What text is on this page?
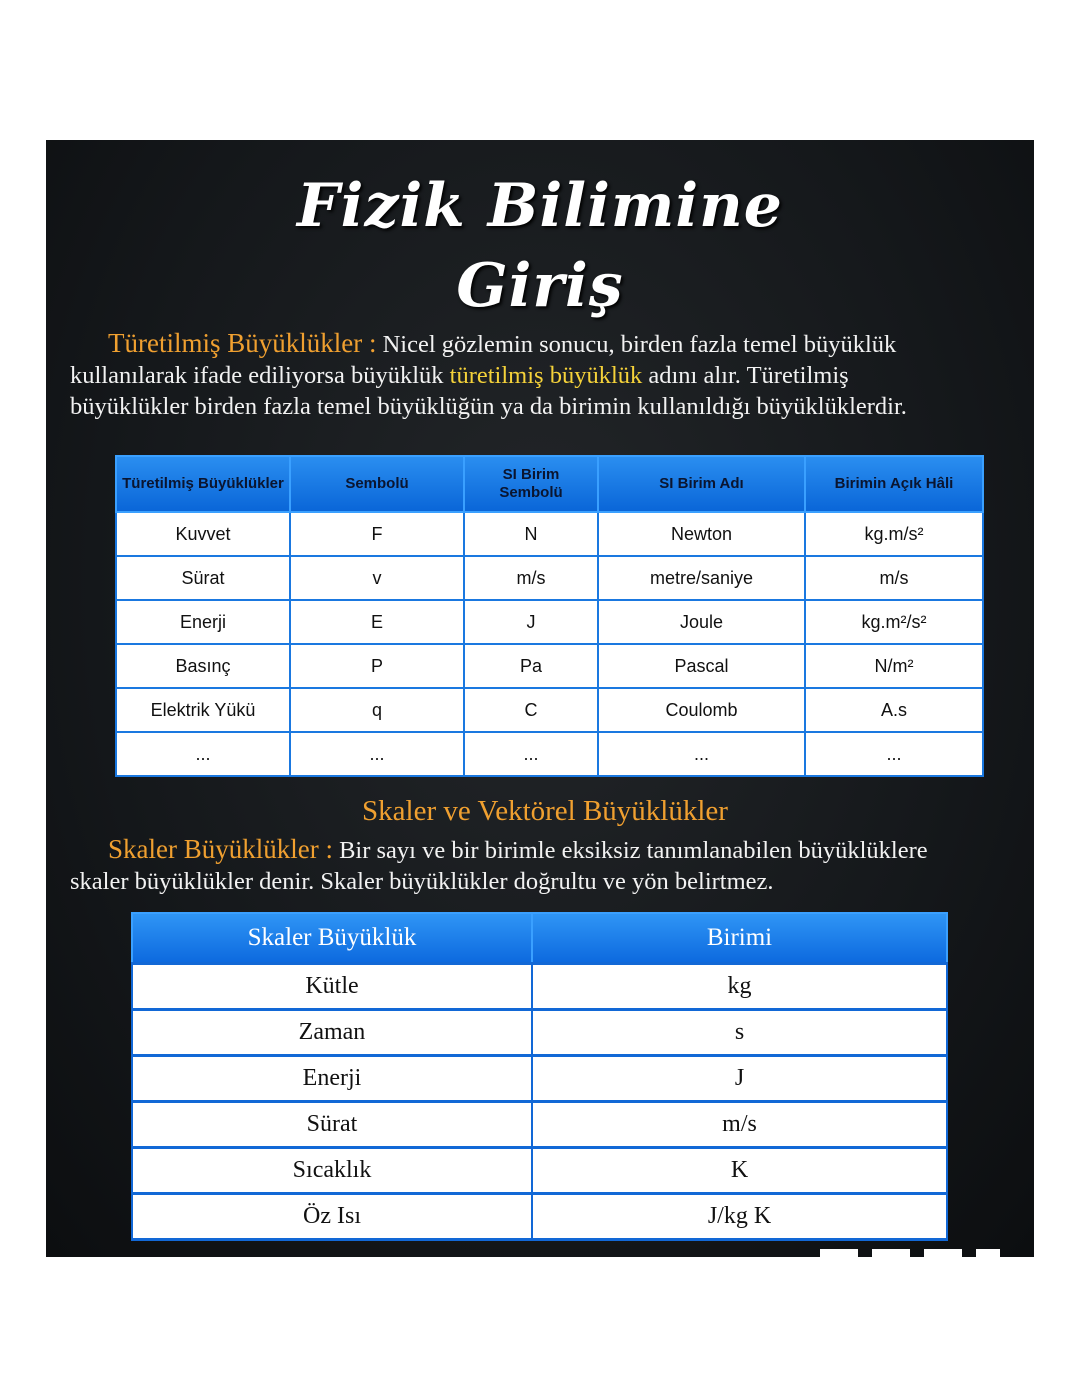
Fizik Bilimine
Giriş
Türetilmiş Büyüklükler : Nicel gözlemin sonucu, birden fazla temel büyüklük kullanılarak ifade ediliyorsa büyüklük türetilmiş büyüklük adını alır. Türetilmiş büyüklükler birden fazla temel büyüklüğün ya da birimin kullanıldığı büyüklüklerdir.
Türetilmiş Büyüklükler	Sembolü	SI Birim Sembolü	SI Birim Adı	Birimin Açık Hâli
Kuvvet	F	N	Newton	kg.m/s²
Sürat	v	m/s	metre/saniye	m/s
Enerji	E	J	Joule	kg.m²/s²
Basınç	P	Pa	Pascal	N/m²
Elektrik Yükü	q	C	Coulomb	A.s
...	...	...	...	...
Skaler ve Vektörel Büyüklükler
Skaler Büyüklükler : Bir sayı ve bir birimle eksiksiz tanımlanabilen büyüklüklere skaler büyüklükler denir. Skaler büyüklükler doğrultu ve yön belirtmez.
Skaler Büyüklük	Birimi
Kütle	kg
Zaman	s
Enerji	J
Sürat	m/s
Sıcaklık	K
Öz Isı	J/kg K
